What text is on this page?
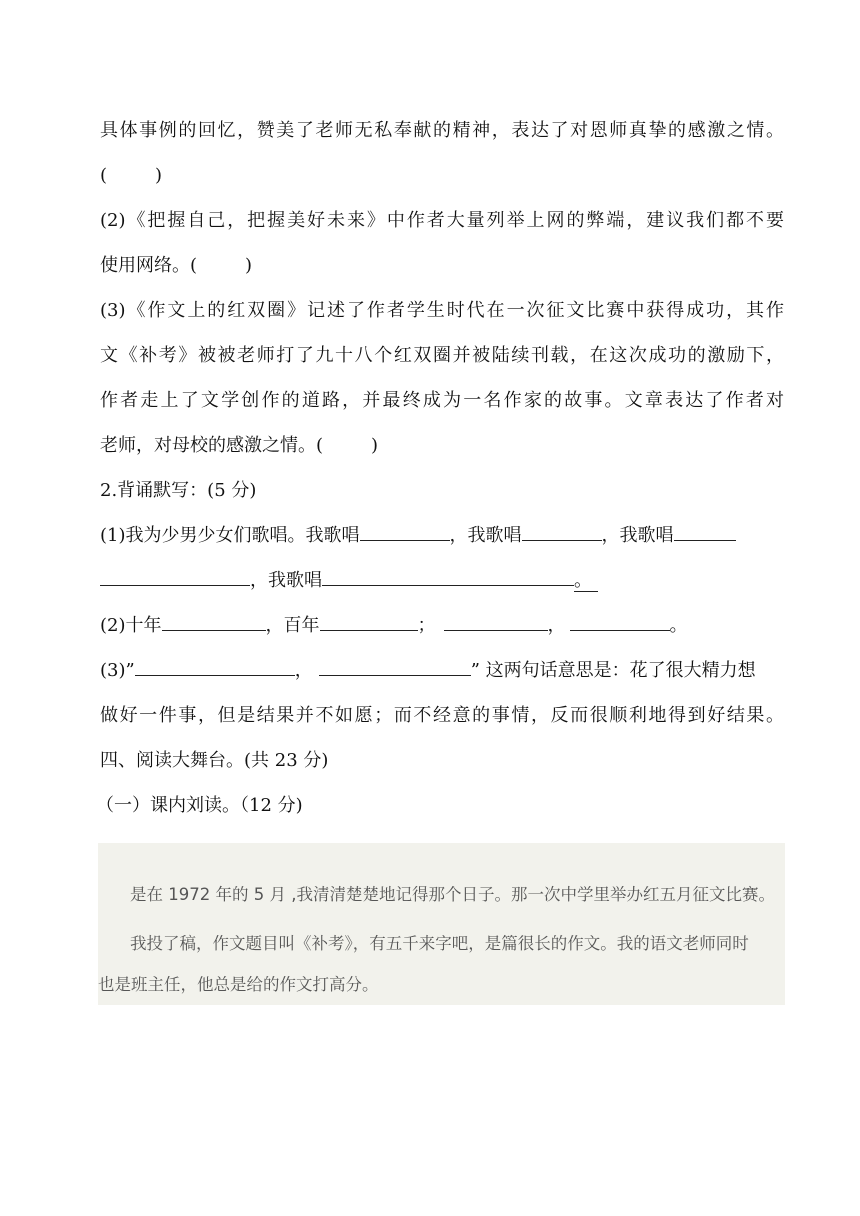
具体事例的回忆，赞美了老师无私奉献的精神，表达了对恩师真挚的感激之情。
(	)
(2)《把握自己，把握美好未来》中作者大量列举上网的弊端，建议我们都不要
使用网络。(	)
(3)《作文上的红双圈》记述了作者学生时代在一次征文比赛中获得成功，其作
文《补考》被被老师打了九十八个红双圈并被陆续刊载，在这次成功的激励下，
作者走上了文学创作的道路，并最终成为一名作家的故事。文章表达了作者对
老师，对母校的感激之情。(	)
2.背诵默写：(5 分)
(1)我为少男少女们歌唱。我歌唱	，我歌唱	，我歌唱
，我歌唱	。
(2)十年	，百年	；	，	。
(3)”	，	” 这两句话意思是：花了很大精力想
做好一件事，但是结果并不如愿；而不经意的事情，反而很顺利地得到好结果。
四、阅读大舞台。(共 23 分)
（一）课内刘读。（12 分)
是在 1972 年的 5 月 ,我清清楚楚地记得那个日子。那一次中学里举办红五月征文比赛。
我投了稿，作文题目叫《补考》，有五千来字吧，是篇很长的作文。我的语文老师同时
也是班主任，他总是给的作文打高分。
